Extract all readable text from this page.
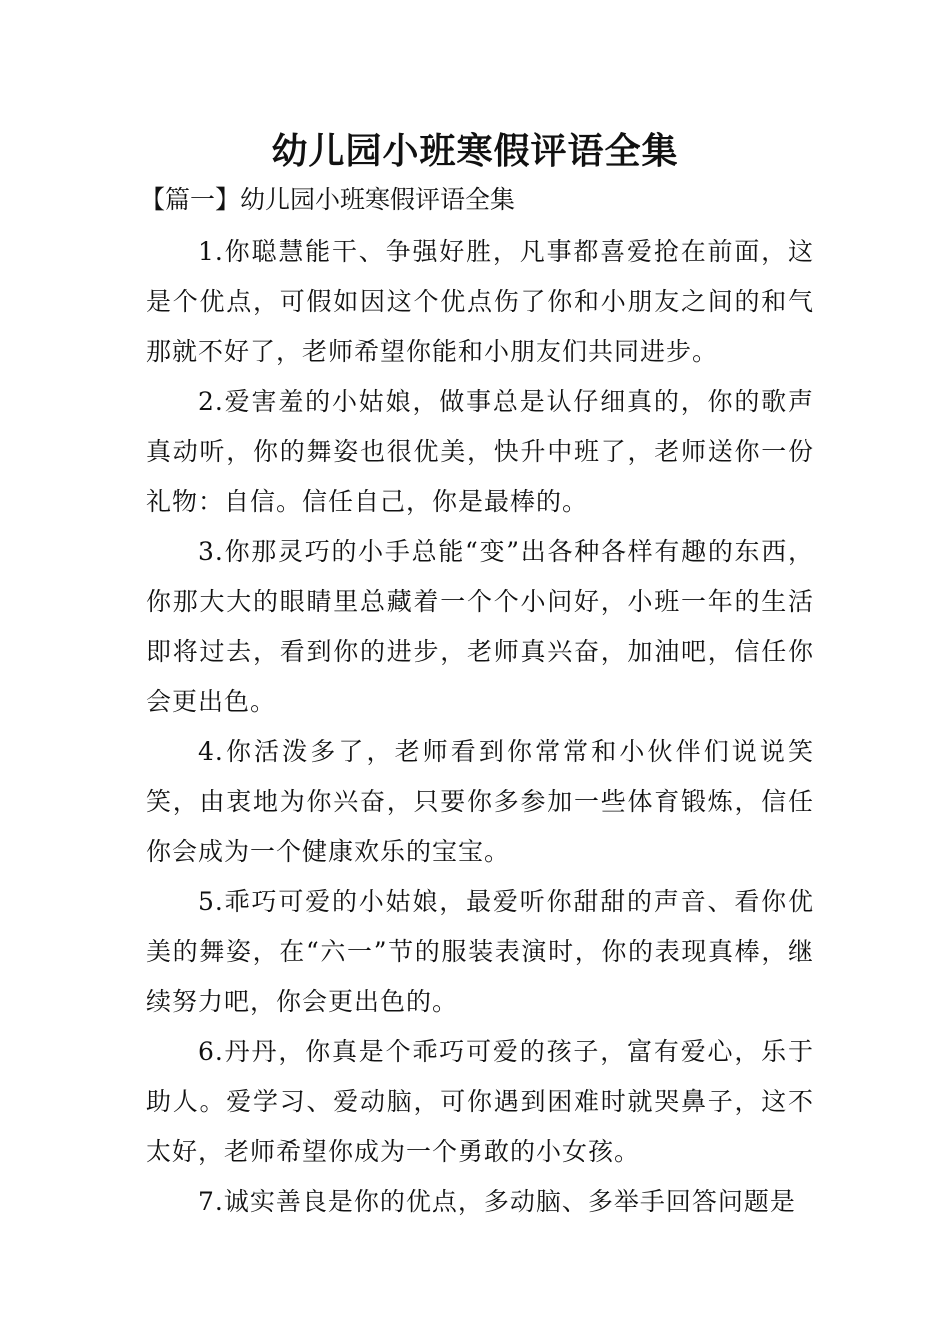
幼儿园小班寒假评语全集
【篇一】幼儿园小班寒假评语全集

1.你聪慧能干、争强好胜，凡事都喜爱抢在前面，这是个优点，可假如因这个优点伤了你和小朋友之间的和气那就不好了，老师希望你能和小朋友们共同进步。

2.爱害羞的小姑娘，做事总是认仔细真的，你的歌声真动听，你的舞姿也很优美，快升中班了，老师送你一份礼物：自信。信任自己，你是最棒的。

3.你那灵巧的小手总能“变”出各种各样有趣的东西，你那大大的眼睛里总藏着一个个小问好，小班一年的生活即将过去，看到你的进步，老师真兴奋，加油吧，信任你会更出色。

4.你活泼多了，老师看到你常常和小伙伴们说说笑笑，由衷地为你兴奋，只要你多参加一些体育锻炼，信任你会成为一个健康欢乐的宝宝。

5.乖巧可爱的小姑娘，最爱听你甜甜的声音、看你优美的舞姿，在“六一”节的服装表演时，你的表现真棒，继续努力吧，你会更出色的。

6.丹丹，你真是个乖巧可爱的孩子，富有爱心，乐于助人。爱学习、爱动脑，可你遇到困难时就哭鼻子，这不太好，老师希望你成为一个勇敢的小女孩。

7.诚实善良是你的优点，多动脑、多举手回答问题是
